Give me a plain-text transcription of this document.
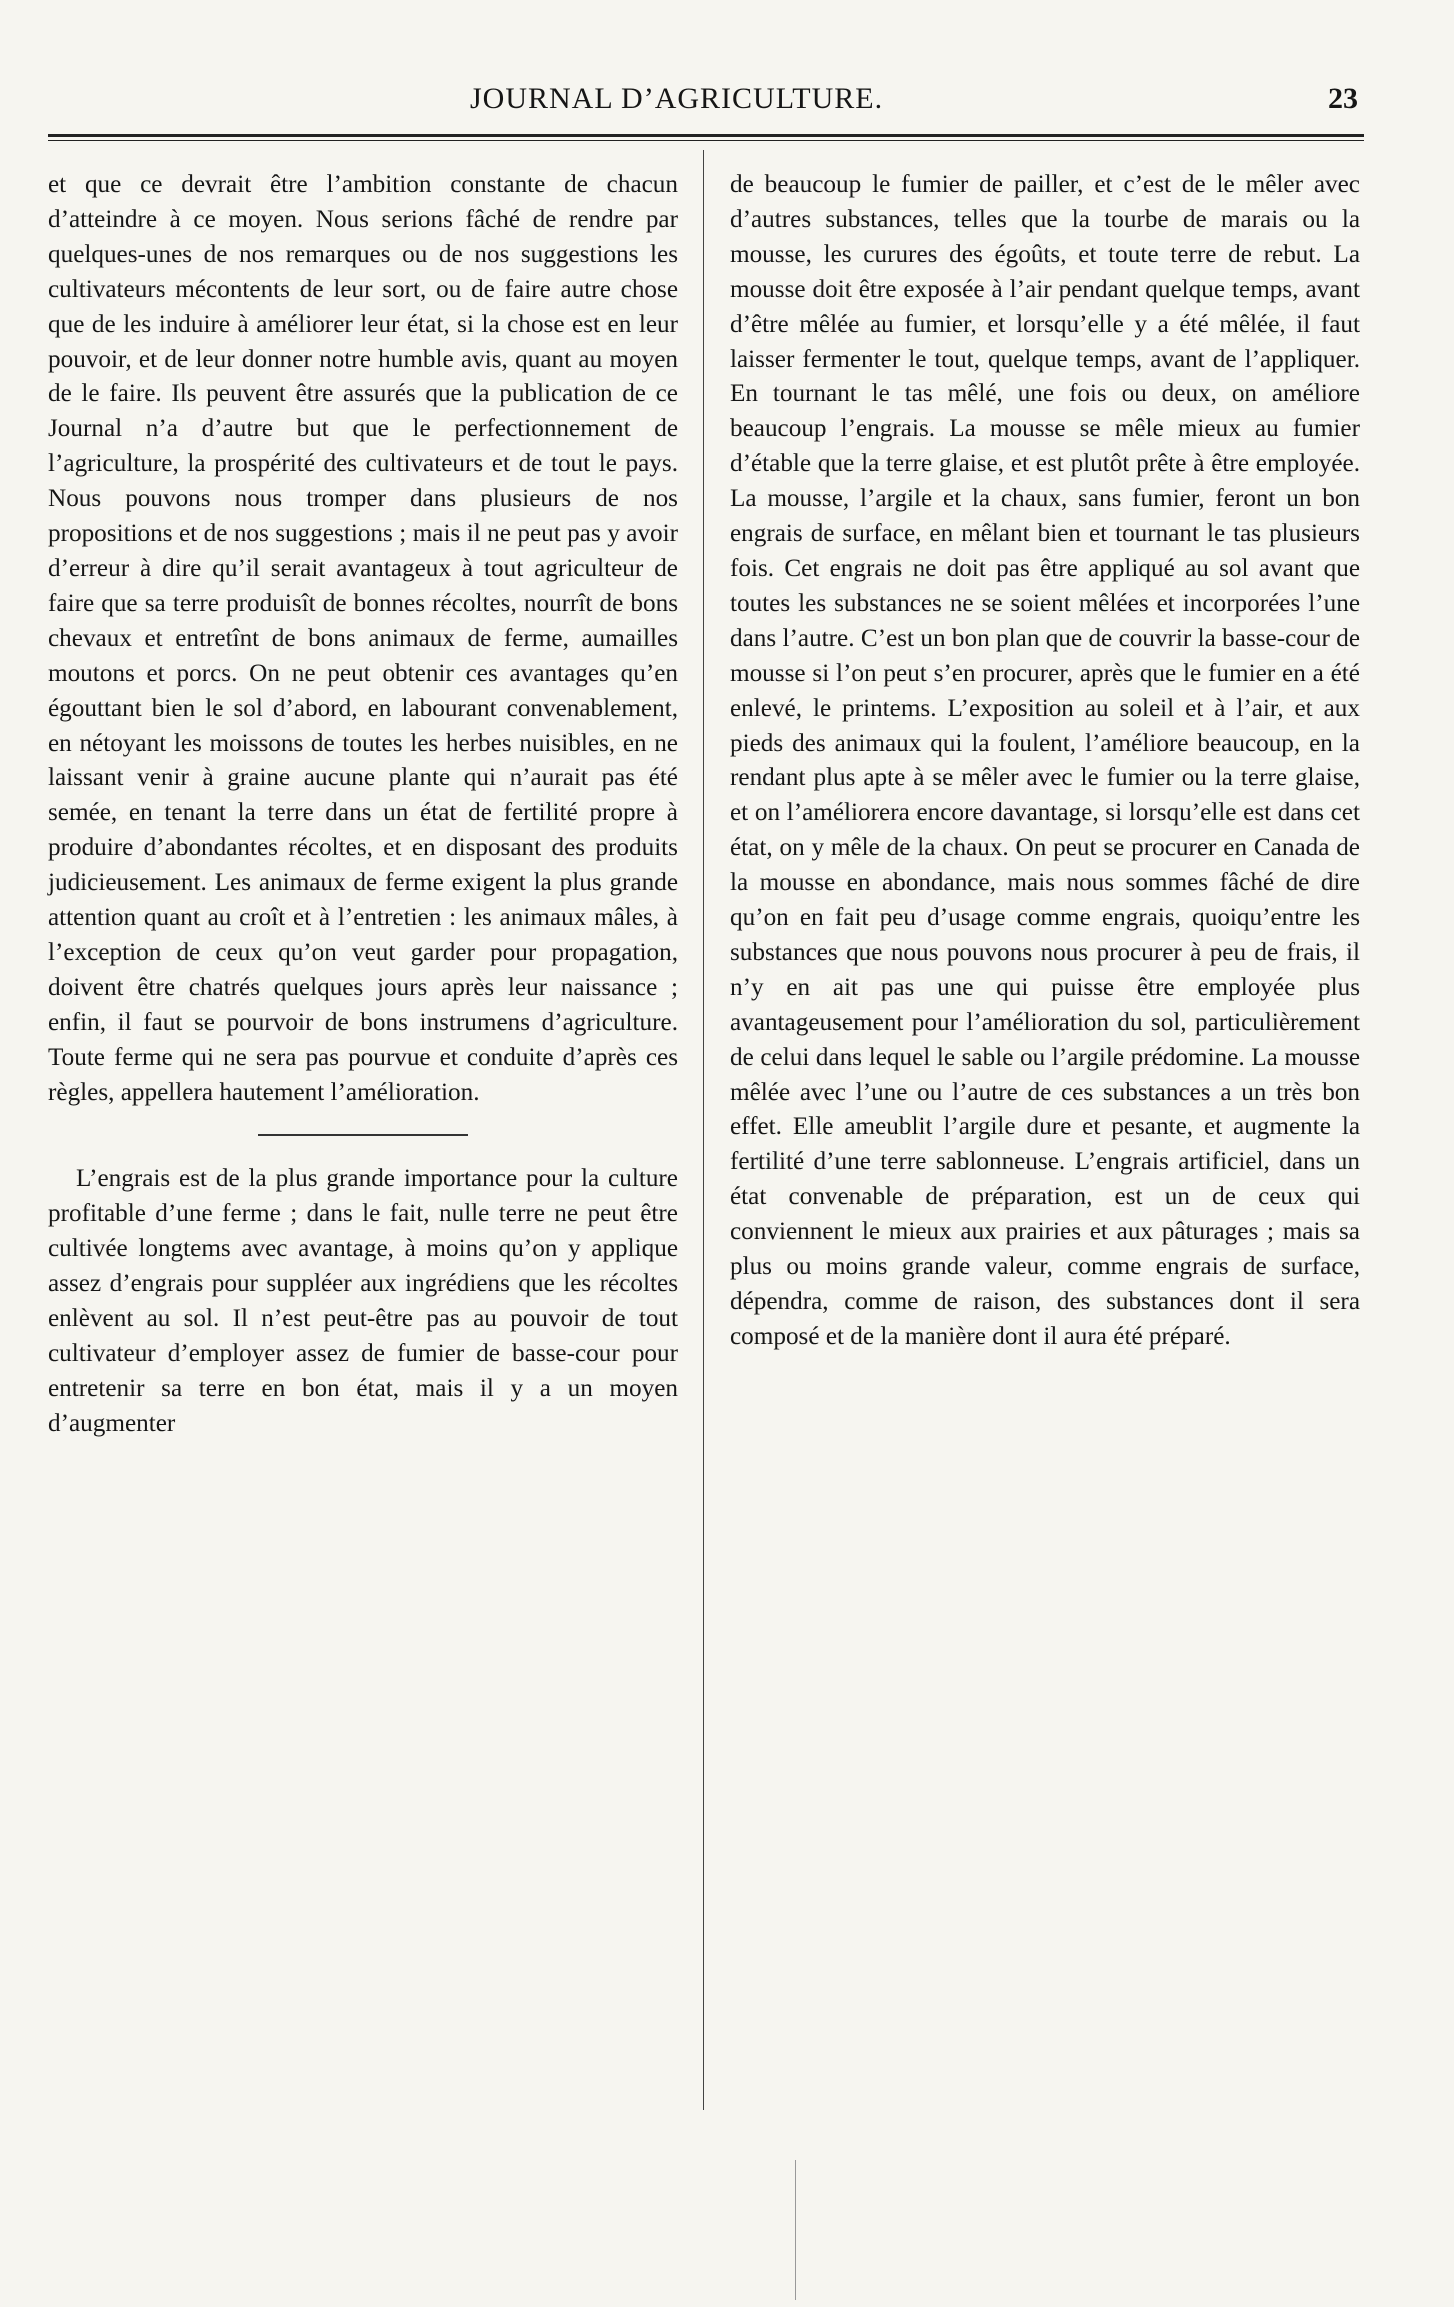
JOURNAL D’AGRICULTURE.	23

et que ce devrait être l’ambition constante de chacun d’atteindre à ce moyen. Nous serions fâché de rendre par quelques-unes de nos remarques ou de nos suggestions les cultivateurs mécontents de leur sort, ou de faire autre chose que de les induire à améliorer leur état, si la chose est en leur pouvoir, et de leur donner notre humble avis, quant au moyen de le faire. Ils peuvent être assurés que la publication de ce Journal n’a d’autre but que le perfectionnement de l’agriculture, la prospérité des cultivateurs et de tout le pays. Nous pouvons nous tromper dans plusieurs de nos propositions et de nos suggestions ; mais il ne peut pas y avoir d’erreur à dire qu’il serait avantageux à tout agriculteur de faire que sa terre produisît de bonnes récoltes, nourrît de bons chevaux et entretînt de bons animaux de ferme, aumailles moutons et porcs. On ne peut obtenir ces avantages qu’en égouttant bien le sol d’abord, en labourant convenablement, en nétoyant les moissons de toutes les herbes nuisibles, en ne laissant venir à graine aucune plante qui n’aurait pas été semée, en tenant la terre dans un état de fertilité propre à produire d’abondantes récoltes, et en disposant des produits judicieusement. Les animaux de ferme exigent la plus grande attention quant au croît et à l’entretien : les animaux mâles, à l’exception de ceux qu’on veut garder pour propagation, doivent être chatrés quelques jours après leur naissance ; enfin, il faut se pourvoir de bons instrumens d’agriculture. Toute ferme qui ne sera pas pourvue et conduite d’après ces règles, appellera hautement l’amélioration.

L’engrais est de la plus grande importance pour la culture profitable d’une ferme ; dans le fait, nulle terre ne peut être cultivée longtems avec avantage, à moins qu’on y applique assez d’engrais pour suppléer aux ingrédiens que les récoltes enlèvent au sol. Il n’est peut-être pas au pouvoir de tout cultivateur d’employer assez de fumier de basse-cour pour entretenir sa terre en bon état, mais il y a un moyen d’augmenter

de beaucoup le fumier de pailler, et c’est de le mêler avec d’autres substances, telles que la tourbe de marais ou la mousse, les curures des égoûts, et toute terre de rebut. La mousse doit être exposée à l’air pendant quelque temps, avant d’être mêlée au fumier, et lorsqu’elle y a été mêlée, il faut laisser fermenter le tout, quelque temps, avant de l’appliquer. En tournant le tas mêlé, une fois ou deux, on améliore beaucoup l’engrais. La mousse se mêle mieux au fumier d’étable que la terre glaise, et est plutôt prête à être employée. La mousse, l’argile et la chaux, sans fumier, feront un bon engrais de surface, en mêlant bien et tournant le tas plusieurs fois. Cet engrais ne doit pas être appliqué au sol avant que toutes les substances ne se soient mêlées et incorporées l’une dans l’autre. C’est un bon plan que de couvrir la basse-cour de mousse si l’on peut s’en procurer, après que le fumier en a été enlevé, le printems. L’exposition au soleil et à l’air, et aux pieds des animaux qui la foulent, l’améliore beaucoup, en la rendant plus apte à se mêler avec le fumier ou la terre glaise, et on l’améliorera encore davantage, si lorsqu’elle est dans cet état, on y mêle de la chaux. On peut se procurer en Canada de la mousse en abondance, mais nous sommes fâché de dire qu’on en fait peu d’usage comme engrais, quoiqu’entre les substances que nous pouvons nous procurer à peu de frais, il n’y en ait pas une qui puisse être employée plus avantageusement pour l’amélioration du sol, particulièrement de celui dans lequel le sable ou l’argile prédomine. La mousse mêlée avec l’une ou l’autre de ces substances a un très bon effet. Elle ameublit l’argile dure et pesante, et augmente la fertilité d’une terre sablonneuse. L’engrais artificiel, dans un état convenable de préparation, est un de ceux qui conviennent le mieux aux prairies et aux pâturages ; mais sa plus ou moins grande valeur, comme engrais de surface, dépendra, comme de raison, des substances dont il sera composé et de la manière dont il aura été préparé.
